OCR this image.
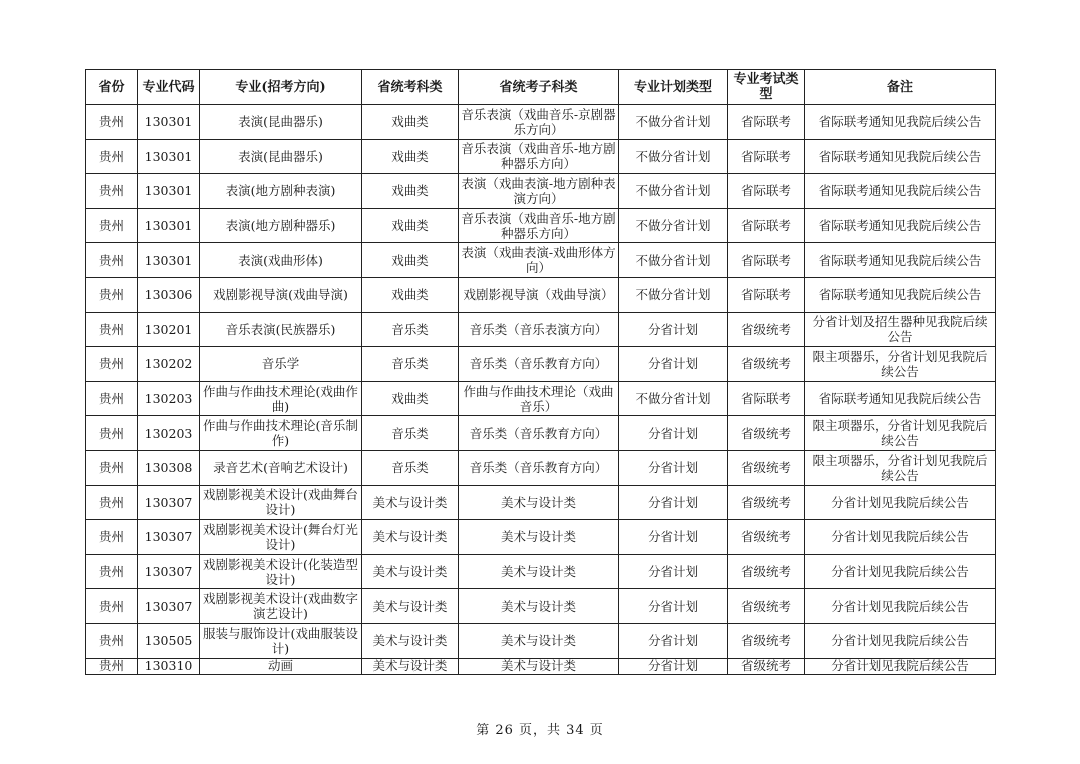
省份	专业代码	专业(招考方向)	省统考科类	省统考子科类	专业计划类型	专业考试类型	备注
贵州	130301	表演(昆曲器乐)	戏曲类	音乐表演（戏曲音乐-京剧器乐方向）	不做分省计划	省际联考	省际联考通知见我院后续公告
贵州	130301	表演(昆曲器乐)	戏曲类	音乐表演（戏曲音乐-地方剧种器乐方向）	不做分省计划	省际联考	省际联考通知见我院后续公告
贵州	130301	表演(地方剧种表演)	戏曲类	表演（戏曲表演-地方剧种表演方向）	不做分省计划	省际联考	省际联考通知见我院后续公告
贵州	130301	表演(地方剧种器乐)	戏曲类	音乐表演（戏曲音乐-地方剧种器乐方向）	不做分省计划	省际联考	省际联考通知见我院后续公告
贵州	130301	表演(戏曲形体)	戏曲类	表演（戏曲表演-戏曲形体方向）	不做分省计划	省际联考	省际联考通知见我院后续公告
贵州	130306	戏剧影视导演(戏曲导演)	戏曲类	戏剧影视导演（戏曲导演）	不做分省计划	省际联考	省际联考通知见我院后续公告
贵州	130201	音乐表演(民族器乐)	音乐类	音乐类（音乐表演方向）	分省计划	省级统考	分省计划及招生器种见我院后续公告
贵州	130202	音乐学	音乐类	音乐类（音乐教育方向）	分省计划	省级统考	限主项器乐，分省计划见我院后续公告
贵州	130203	作曲与作曲技术理论(戏曲作曲)	戏曲类	作曲与作曲技术理论（戏曲音乐）	不做分省计划	省际联考	省际联考通知见我院后续公告
贵州	130203	作曲与作曲技术理论(音乐制作)	音乐类	音乐类（音乐教育方向）	分省计划	省级统考	限主项器乐，分省计划见我院后续公告
贵州	130308	录音艺术(音响艺术设计)	音乐类	音乐类（音乐教育方向）	分省计划	省级统考	限主项器乐，分省计划见我院后续公告
贵州	130307	戏剧影视美术设计(戏曲舞台设计)	美术与设计类	美术与设计类	分省计划	省级统考	分省计划见我院后续公告
贵州	130307	戏剧影视美术设计(舞台灯光设计)	美术与设计类	美术与设计类	分省计划	省级统考	分省计划见我院后续公告
贵州	130307	戏剧影视美术设计(化装造型设计)	美术与设计类	美术与设计类	分省计划	省级统考	分省计划见我院后续公告
贵州	130307	戏剧影视美术设计(戏曲数字演艺设计)	美术与设计类	美术与设计类	分省计划	省级统考	分省计划见我院后续公告
贵州	130505	服装与服饰设计(戏曲服装设计)	美术与设计类	美术与设计类	分省计划	省级统考	分省计划见我院后续公告
贵州	130310	动画	美术与设计类	美术与设计类	分省计划	省级统考	分省计划见我院后续公告
第 26 页，共 34 页
